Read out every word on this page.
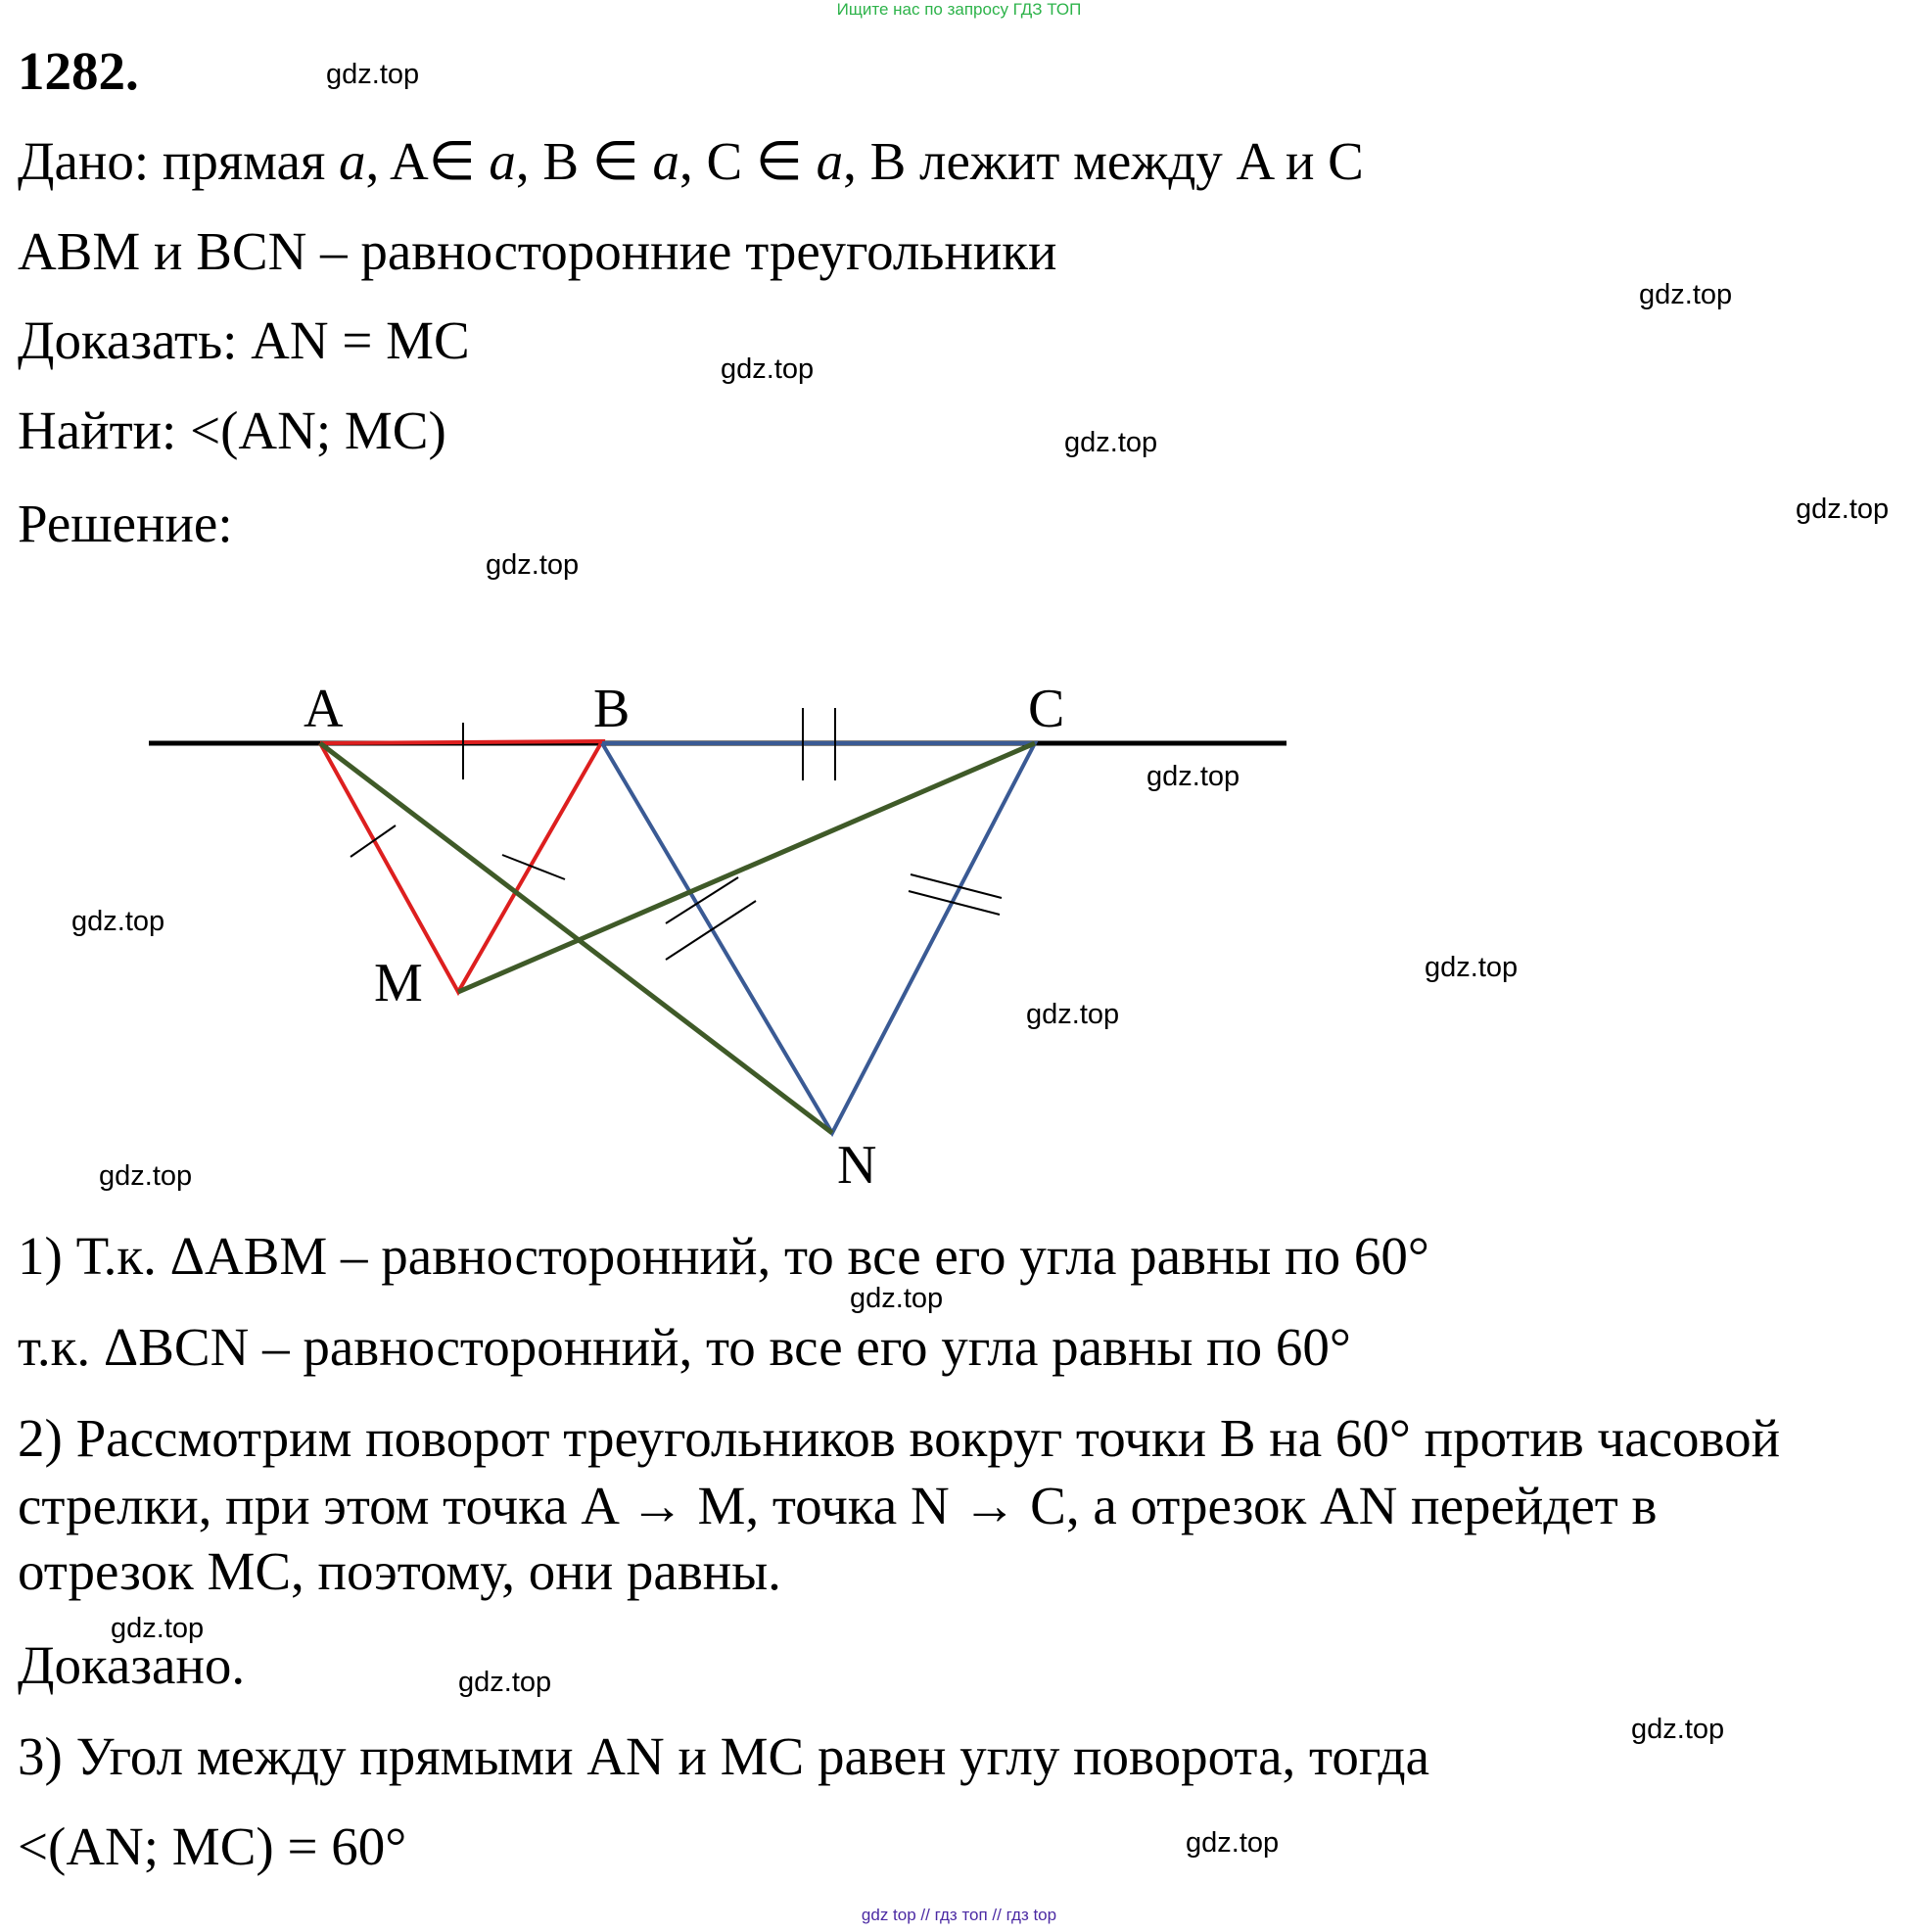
Ищите нас по запросу ГДЗ ТОП
1282.
Дано: прямая a, A∈ a, B ∈ a, C ∈ a, B лежит между A и C
ABM и BCN – равносторонние треугольники
Доказать: AN = MC
Найти: <(AN; MC)
Решение:
A	B	C
M
N
1) Т.к. ΔABM – равносторонний, то все его угла равны по 60°
т.к. ΔBCN – равносторонний, то все его угла равны по 60°
2) Рассмотрим поворот треугольников вокруг точки B на 60° против часовой
стрелки, при этом точка A → M, точка N → C, а отрезок AN перейдет в
отрезок MC, поэтому, они равны.
Доказано.
3) Угол между прямыми AN и MC равен углу поворота, тогда
<(AN; MC) = 60°
gdz.top
gdz.top
gdz.top
gdz.top
gdz.top
gdz.top
gdz.top
gdz.top
gdz.top
gdz.top
gdz.top
gdz.top
gdz.top
gdz.top
gdz.top
gdz.top
gdz top // гдз топ // гдз top
